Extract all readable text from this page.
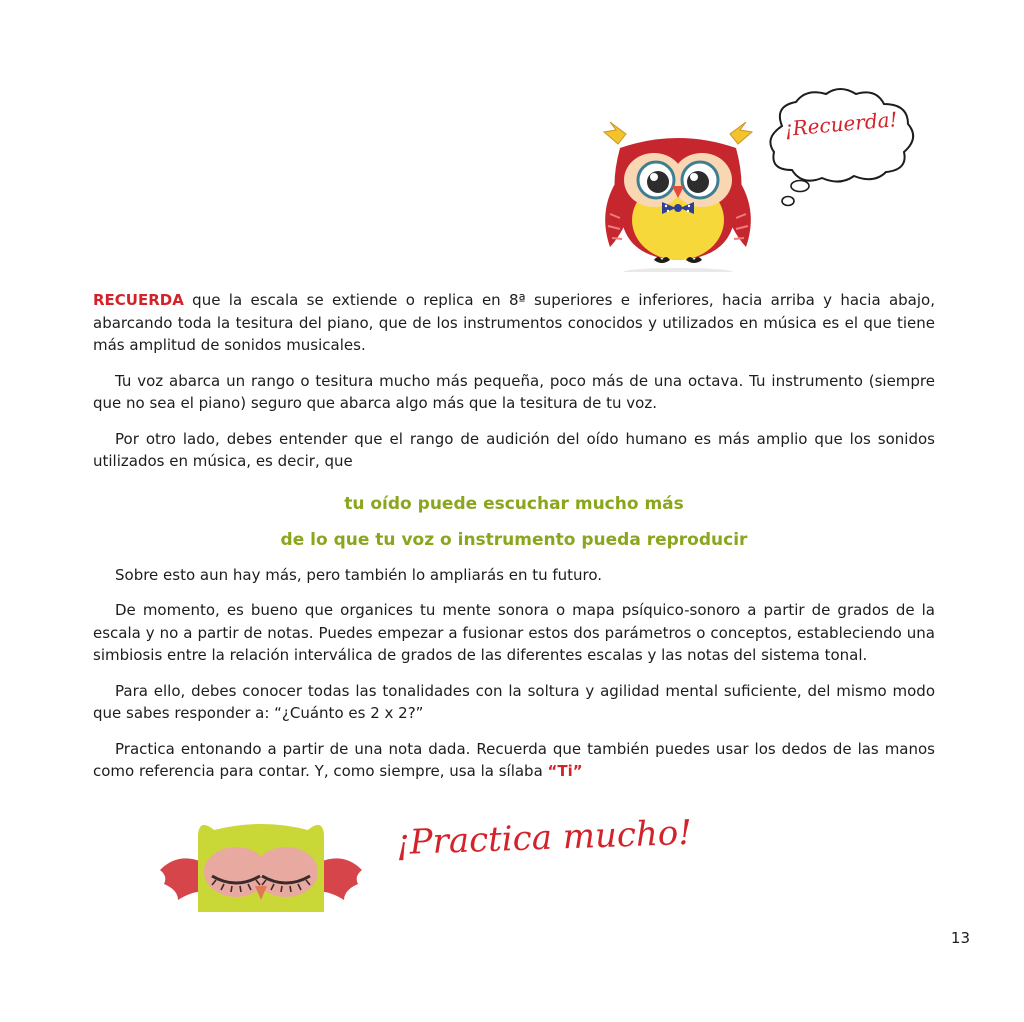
¡Recuerda!

RECUERDA que la escala se extiende o replica en 8ª superiores e inferiores, hacia arriba y hacia abajo, abarcando toda la tesitura del piano, que de los instrumentos conocidos y utilizados en música es el que tiene más amplitud de sonidos musicales.

Tu voz abarca un rango o tesitura mucho más pequeña, poco más de una octava. Tu instrumento (siempre que no sea el piano) seguro que abarca algo más que la tesitura de tu voz.

Por otro lado, debes entender que el rango de audición del oído humano es más amplio que los sonidos utilizados en música, es decir, que

tu oído puede escuchar mucho más
de lo que tu voz o instrumento pueda reproducir

Sobre esto aun hay más, pero también lo ampliarás en tu futuro.

De momento, es bueno que organices tu mente sonora o mapa psíquico-sonoro a partir de grados de la escala y no a partir de notas. Puedes empezar a fusionar estos dos parámetros o conceptos, estableciendo una simbiosis entre la relación interválica de grados de las diferentes escalas y las notas del sistema tonal.

Para ello, debes conocer todas las tonalidades con la soltura y agilidad mental suficiente, del mismo modo que sabes responder a: “¿Cuánto es 2 x 2?”

Practica entonando a partir de una nota dada. Recuerda que también puedes usar los dedos de las manos como referencia para contar. Y, como siempre, usa la sílaba “Ti”

¡Practica mucho!
13
